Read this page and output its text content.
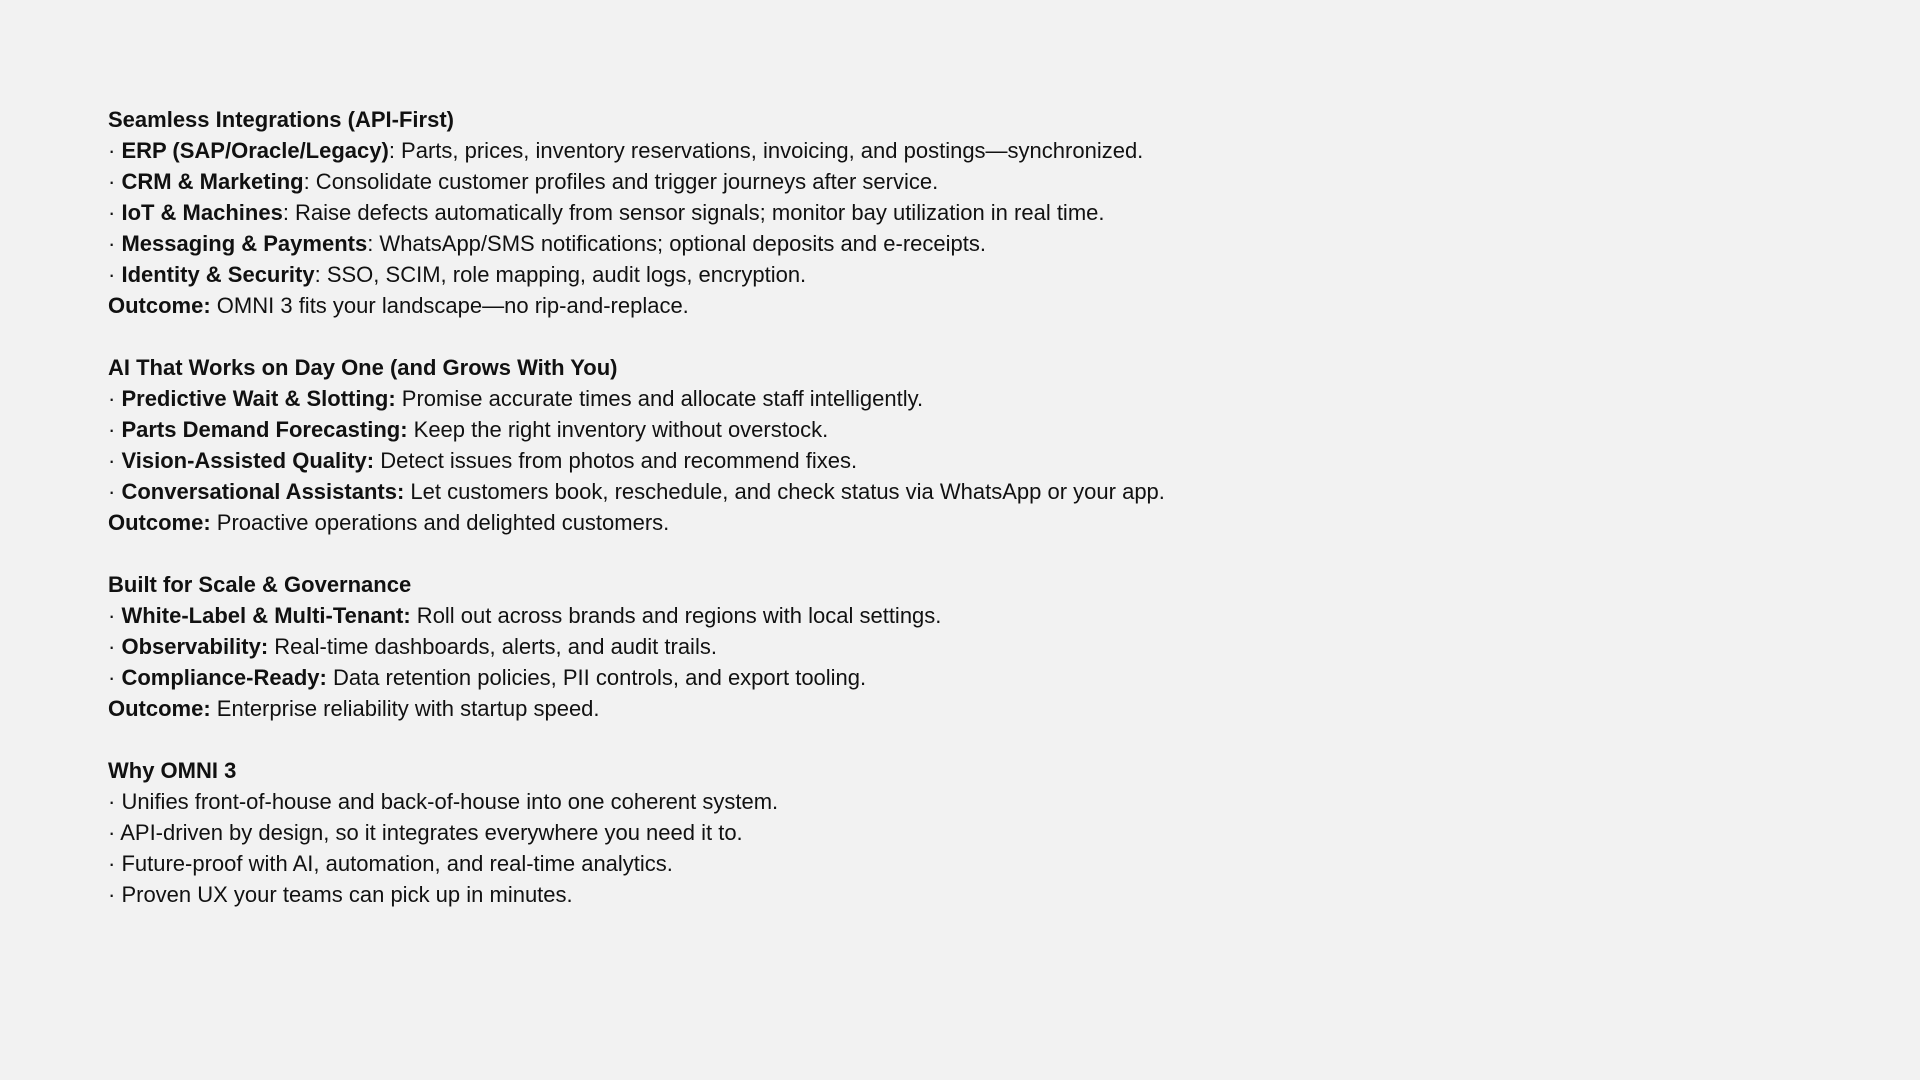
Seamless Integrations (API-First)

· ERP (SAP/Oracle/Legacy): Parts, prices, inventory reservations, invoicing, and postings—synchronized.

· CRM & Marketing: Consolidate customer profiles and trigger journeys after service.

· IoT & Machines: Raise defects automatically from sensor signals; monitor bay utilization in real time.

· Messaging & Payments: WhatsApp/SMS notifications; optional deposits and e-receipts.

· Identity & Security: SSO, SCIM, role mapping, audit logs, encryption.

Outcome: OMNI 3 fits your landscape—no rip-and-replace.

AI That Works on Day One (and Grows With You)

· Predictive Wait & Slotting: Promise accurate times and allocate staff intelligently.

· Parts Demand Forecasting: Keep the right inventory without overstock.

· Vision-Assisted Quality: Detect issues from photos and recommend fixes.

· Conversational Assistants: Let customers book, reschedule, and check status via WhatsApp or your app.

Outcome: Proactive operations and delighted customers.

Built for Scale & Governance

· White-Label & Multi-Tenant: Roll out across brands and regions with local settings.

· Observability: Real-time dashboards, alerts, and audit trails.

· Compliance-Ready: Data retention policies, PII controls, and export tooling.

Outcome: Enterprise reliability with startup speed.

Why OMNI 3

· Unifies front-of-house and back-of-house into one coherent system.

· API-driven by design, so it integrates everywhere you need it to.

· Future-proof with AI, automation, and real-time analytics.

· Proven UX your teams can pick up in minutes.
